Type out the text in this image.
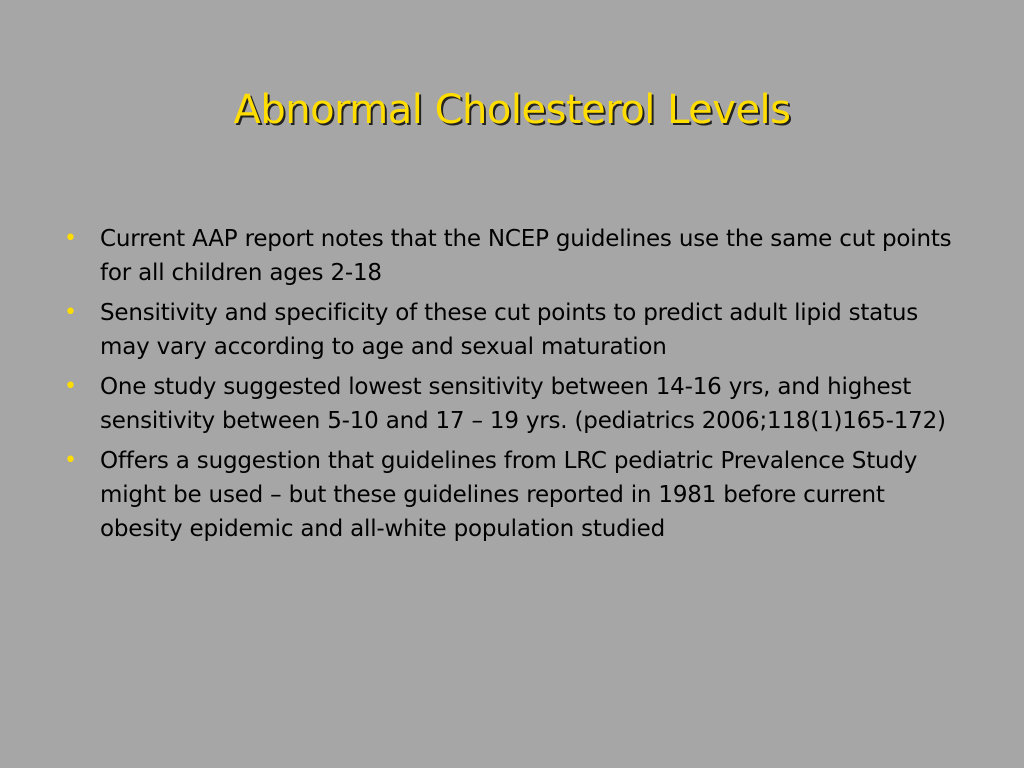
Abnormal Cholesterol Levels
• Current AAP report notes that the NCEP guidelines use the same cut points for all children ages 2-18
• Sensitivity and specificity of these cut points to predict adult lipid status may vary according to age and sexual maturation
• One study suggested lowest sensitivity between 14-16 yrs, and highest sensitivity between 5-10 and 17 – 19 yrs. (pediatrics 2006;118(1)165-172)
• Offers a suggestion that guidelines from LRC pediatric Prevalence Study might be used – but these guidelines reported in 1981 before current obesity epidemic and all-white population studied
